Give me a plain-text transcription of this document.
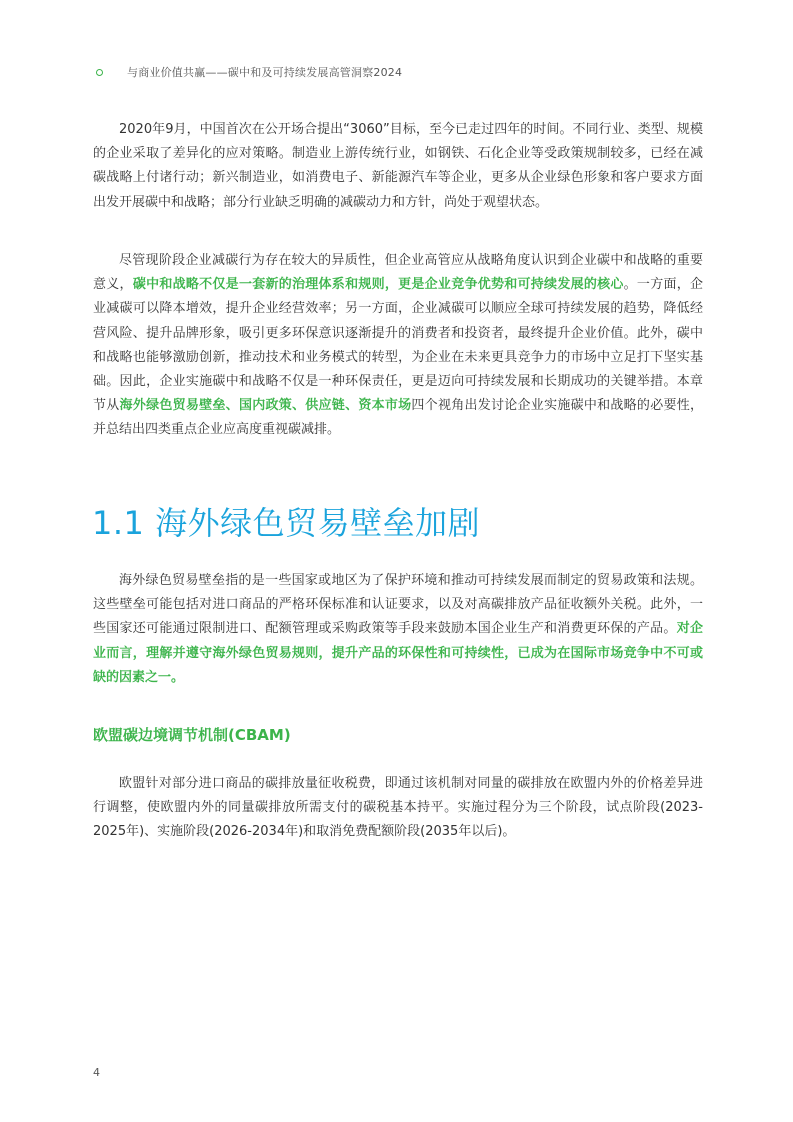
与商业价值共赢——碳中和及可持续发展高管洞察2024

2020年9月，中国首次在公开场合提出“3060”目标，至今已走过四年的时间。不同行业、类型、规模的企业采取了差异化的应对策略。制造业上游传统行业，如钢铁、石化企业等受政策规制较多，已经在减碳战略上付诸行动；新兴制造业，如消费电子、新能源汽车等企业，更多从企业绿色形象和客户要求方面出发开展碳中和战略；部分行业缺乏明确的减碳动力和方针，尚处于观望状态。

尽管现阶段企业减碳行为存在较大的异质性，但企业高管应从战略角度认识到企业碳中和战略的重要意义，碳中和战略不仅是一套新的治理体系和规则，更是企业竞争优势和可持续发展的核心。一方面，企业减碳可以降本增效，提升企业经营效率；另一方面，企业减碳可以顺应全球可持续发展的趋势，降低经营风险、提升品牌形象，吸引更多环保意识逐渐提升的消费者和投资者，最终提升企业价值。此外，碳中和战略也能够激励创新，推动技术和业务模式的转型，为企业在未来更具竞争力的市场中立足打下坚实基础。因此，企业实施碳中和战略不仅是一种环保责任，更是迈向可持续发展和长期成功的关键举措。本章节从海外绿色贸易壁垒、国内政策、供应链、资本市场四个视角出发讨论企业实施碳中和战略的必要性，并总结出四类重点企业应高度重视碳减排。

1.1 海外绿色贸易壁垒加剧

海外绿色贸易壁垒指的是一些国家或地区为了保护环境和推动可持续发展而制定的贸易政策和法规。这些壁垒可能包括对进口商品的严格环保标准和认证要求，以及对高碳排放产品征收额外关税。此外，一些国家还可能通过限制进口、配额管理或采购政策等手段来鼓励本国企业生产和消费更环保的产品。对企业而言，理解并遵守海外绿色贸易规则，提升产品的环保性和可持续性，已成为在国际市场竞争中不可或缺的因素之一。

欧盟碳边境调节机制(CBAM)

欧盟针对部分进口商品的碳排放量征收税费，即通过该机制对同量的碳排放在欧盟内外的价格差异进行调整，使欧盟内外的同量碳排放所需支付的碳税基本持平。实施过程分为三个阶段，试点阶段(2023-2025年)、实施阶段(2026-2034年)和取消免费配额阶段(2035年以后)。

4
